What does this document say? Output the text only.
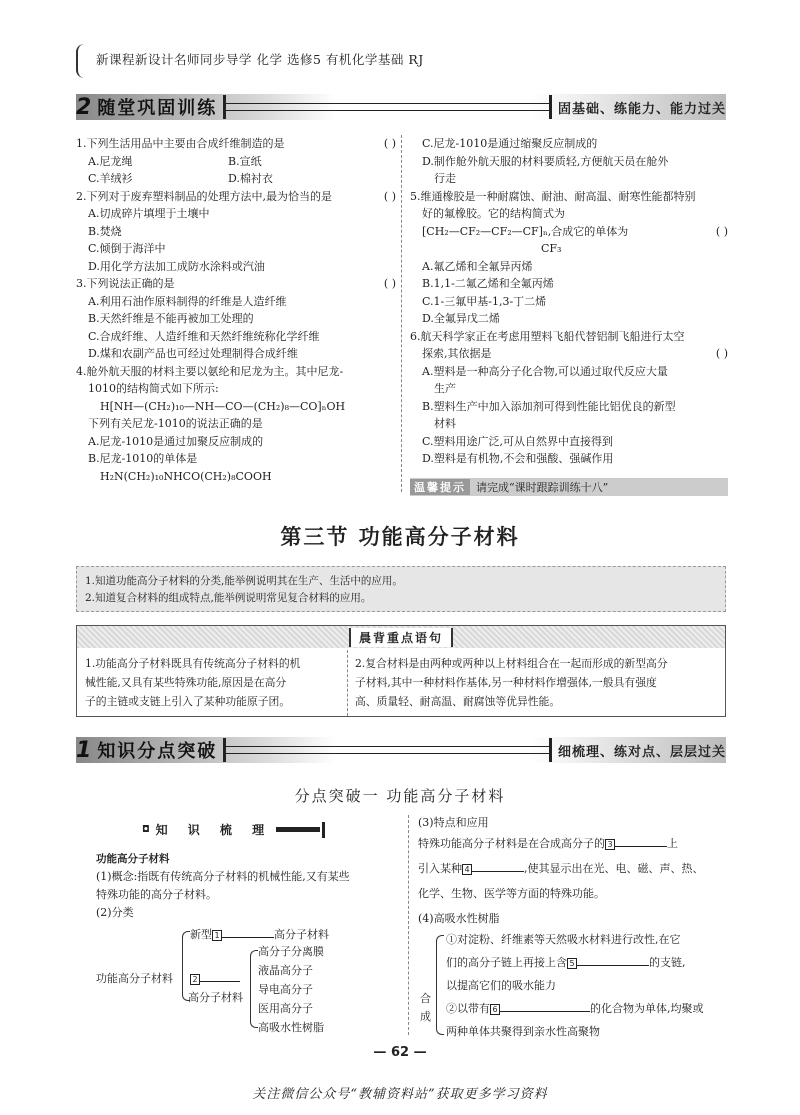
新课程新设计名师同步导学 化学 选修5 有机化学基础 RJ
2 随堂巩固训练	固基础、练能力、能力过关

1.下列生活用品中主要由合成纤维制造的是	( )

A.尼龙绳	B.宣纸

C.羊绒衫	D.棉衬衣

2.下列对于废弃塑料制品的处理方法中,最为恰当的是	( )

A.切成碎片填埋于土壤中

B.焚烧

C.倾倒于海洋中

D.用化学方法加工成防水涂料或汽油

3.下列说法正确的是	( )

A.利用石油作原料制得的纤维是人造纤维

B.天然纤维是不能再被加工处理的

C.合成纤维、人造纤维和天然纤维统称化学纤维

D.煤和农副产品也可经过处理制得合成纤维

4.舱外航天服的材料主要以氨纶和尼龙为主。其中尼龙-

1010的结构简式如下所示:

H[NH—(CH₂)₁₀—NH—CO—(CH₂)₈—CO]ₙOH

下列有关尼龙-1010的说法正确的是

A.尼龙-1010是通过加聚反应制成的

B.尼龙-1010的单体是

H₂N(CH₂)₁₀NHCO(CH₂)₈COOH

C.尼龙-1010是通过缩聚反应制成的

D.制作舱外航天服的材料要质轻,方便航天员在舱外

行走

5.维通橡胶是一种耐腐蚀、耐油、耐高温、耐寒性能都特别

好的氟橡胶。它的结构简式为

[CH₂—CF₂—CF₂—CF]ₙ,合成它的单体为	( )

CF₃

A.氟乙烯和全氟异丙烯

B.1,1-二氟乙烯和全氟丙烯

C.1-三氟甲基-1,3-丁二烯

D.全氟异戊二烯

6.航天科学家正在考虑用塑料飞船代替铝制飞船进行太空

探索,其依据是	( )

A.塑料是一种高分子化合物,可以通过取代反应大量

生产

B.塑料生产中加入添加剂可得到性能比铝优良的新型

材料

C.塑料用途广泛,可从自然界中直接得到

D.塑料是有机物,不会和强酸、强碱作用

温馨提示 请完成“课时跟踪训练十八”
第三节 功能高分子材料

1.知道功能高分子材料的分类,能举例说明其在生产、生活中的应用。

2.知道复合材料的组成特点,能举例说明常见复合材料的应用。

晨背重点语句

1.功能高分子材料既具有传统高分子材料的机

械性能,又具有某些特殊功能,原因是在高分

子的主链或支链上引入了某种功能原子团。

2.复合材料是由两种或两种以上材料组合在一起而形成的新型高分

子材料,其中一种材料作基体,另一种材料作增强体,一般具有强度

高、质量轻、耐高温、耐腐蚀等优异性能。

1 知识分点突破	细梳理、练对点、层层过关
分点突破一 功能高分子材料
◘ 知 识 梳 理

功能高分子材料

(1)概念:指既有传统高分子材料的机械性能,又有某些

特殊功能的高分子材料。

(2)分类

功能高分子材料
新型 1	高分子材料
2
高分子材料

高分子分离膜

液晶高分子

导电高分子

医用高分子

高吸水性树脂

(3)特点和应用

特殊功能高分子材料是在合成高分子的 3	上

引入某种 4	,使其显示出在光、电、磁、声、热、

化学、生物、医学等方面的特殊功能。

(4)高吸水性树脂

合成

①对淀粉、纤维素等天然吸水材料进行改性,在它

们的高分子链上再接上含 5	的支链,

以提高它们的吸水能力

②以带有 6	的化合物为单体,均聚或

两种单体共聚得到亲水性高聚物

— 62 —
关注微信公众号“教辅资料站”获取更多学习资料
